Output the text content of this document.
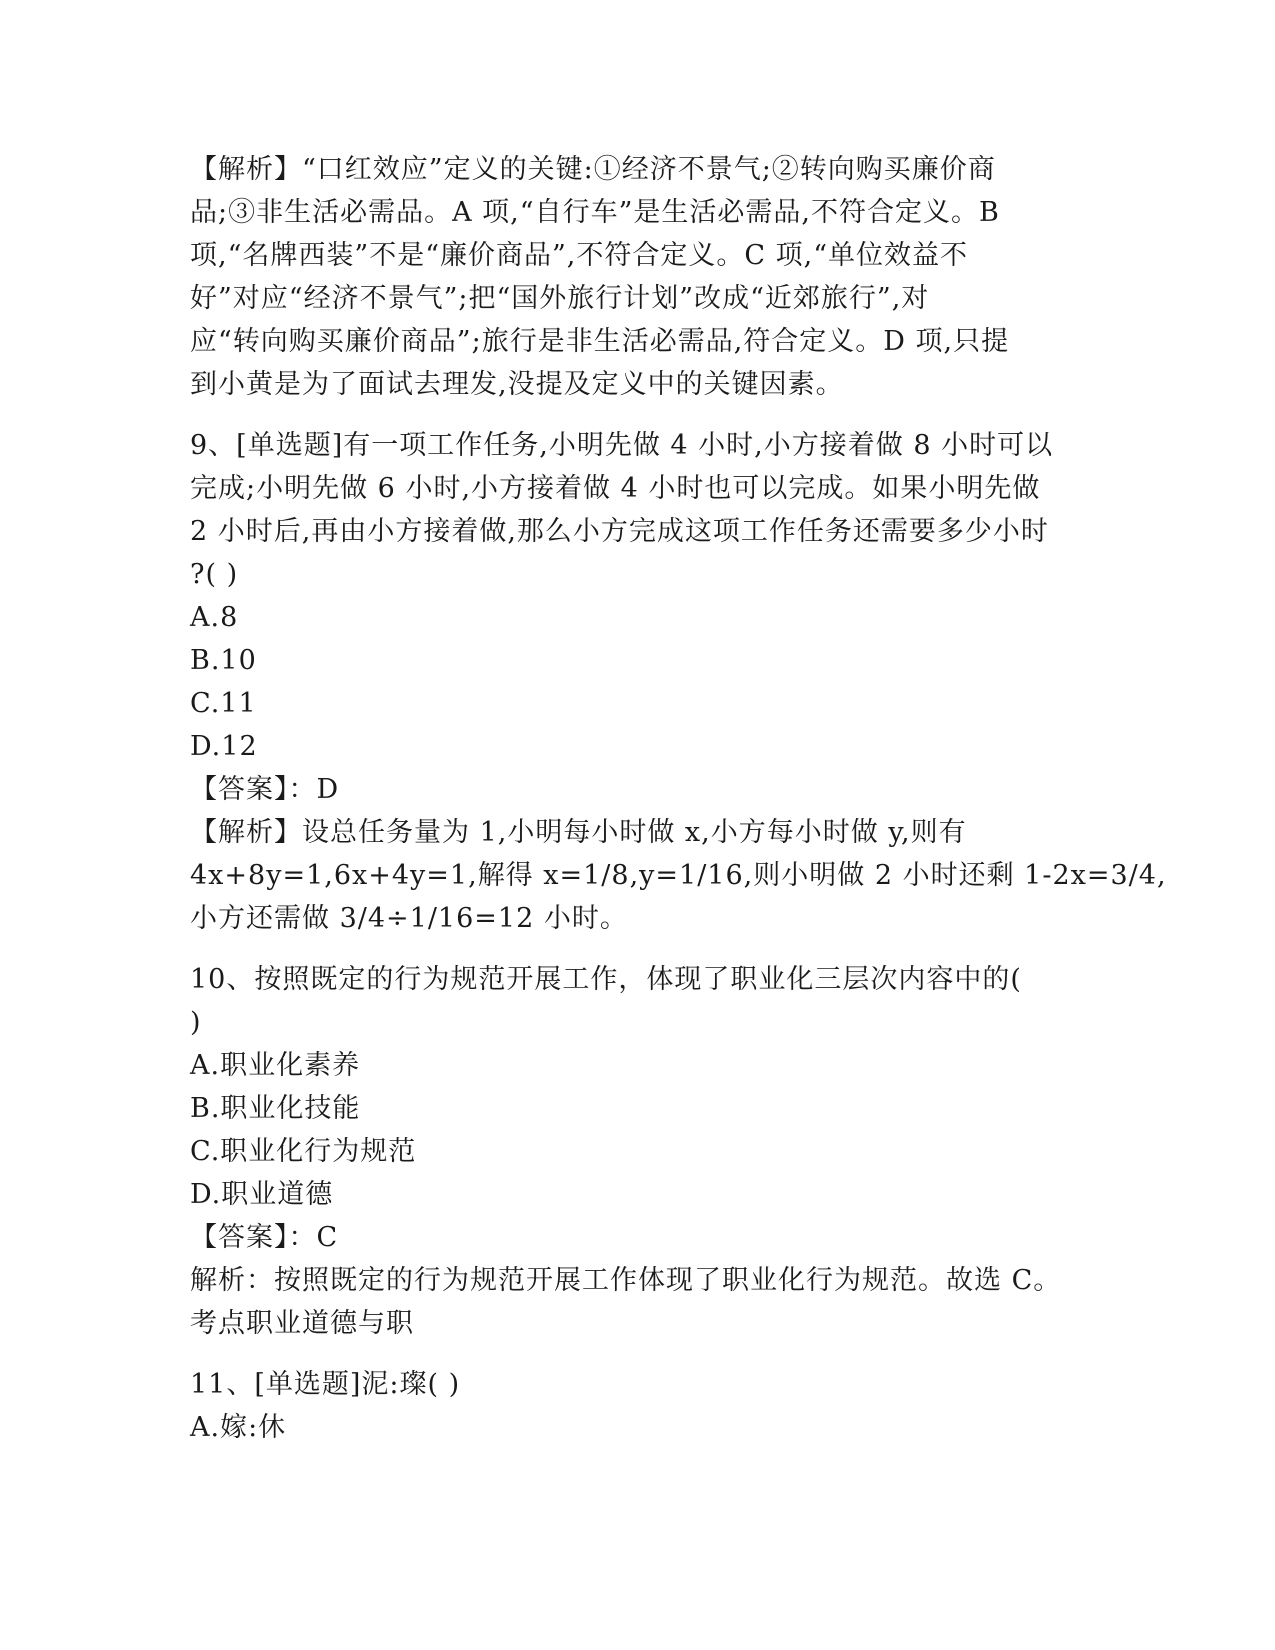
【解析】“口红效应”定义的关键:①经济不景气;②转向购买廉价商
品;③非生活必需品。A 项,“自行车”是生活必需品,不符合定义。B
项,“名牌西装”不是“廉价商品”,不符合定义。C 项,“单位效益不
好”对应“经济不景气”;把“国外旅行计划”改成“近郊旅行”,对
应“转向购买廉价商品”;旅行是非生活必需品,符合定义。D 项,只提
到小黄是为了面试去理发,没提及定义中的关键因素。
9、[单选题]有一项工作任务,小明先做 4 小时,小方接着做 8 小时可以
完成;小明先做 6 小时,小方接着做 4 小时也可以完成。如果小明先做
2 小时后,再由小方接着做,那么小方完成这项工作任务还需要多少小时
?( )
A.8
B.10
C.11
D.12
【答案】：D
【解析】设总任务量为 1,小明每小时做 x,小方每小时做 y,则有
4x+8y=1,6x+4y=1,解得 x=1/8,y=1/16,则小明做 2 小时还剩 1-2x=3/4,
小方还需做 3/4÷1/16=12 小时。
10、按照既定的行为规范开展工作，体现了职业化三层次内容中的(
)
A.职业化素养
B.职业化技能
C.职业化行为规范
D.职业道德
【答案】：C
解析：按照既定的行为规范开展工作体现了职业化行为规范。故选 C。
考点职业道德与职
11、[单选题]泥:璨( )
A.嫁:休
